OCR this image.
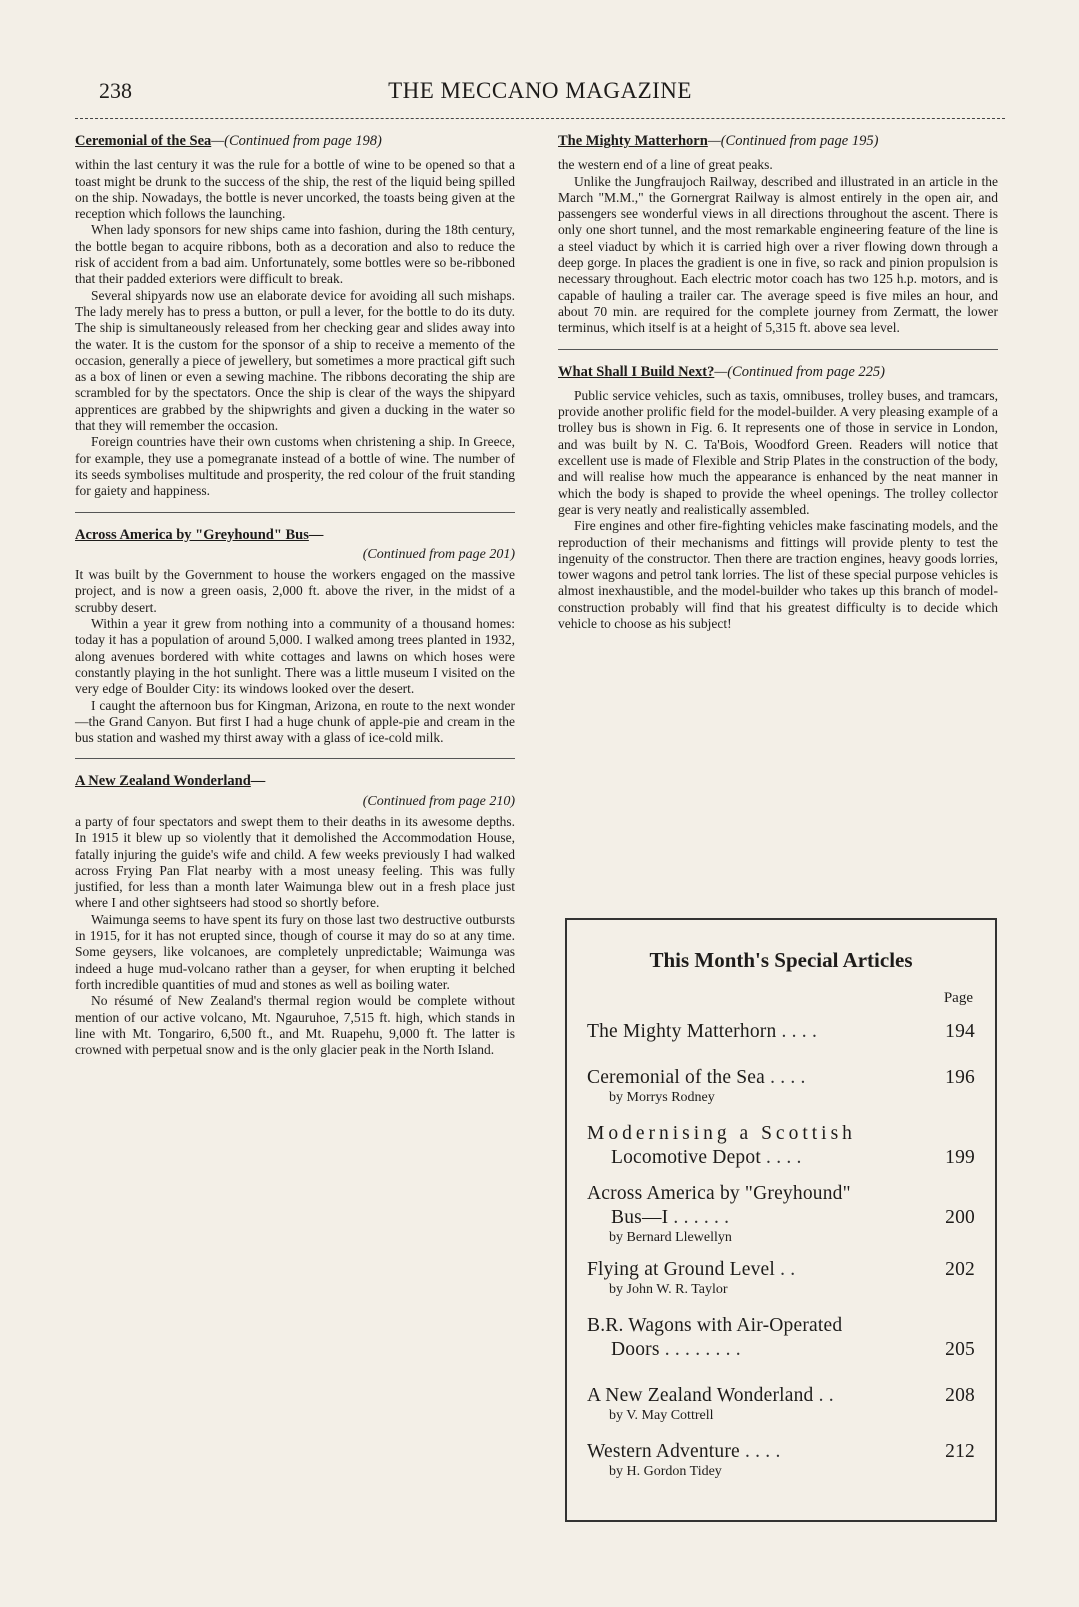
238	THE MECCANO MAGAZINE
Ceremonial of the Sea—(Continued from page 198)

within the last century it was the rule for a bottle of wine to be opened so that a toast might be drunk to the success of the ship, the rest of the liquid being spilled on the ship. Nowadays, the bottle is never uncorked, the toasts being given at the reception which follows the launching.

When lady sponsors for new ships came into fashion, during the 18th century, the bottle began to acquire ribbons, both as a decoration and also to reduce the risk of accident from a bad aim. Unfortunately, some bottles were so be-ribboned that their padded exteriors were difficult to break.

Several shipyards now use an elaborate device for avoiding all such mishaps. The lady merely has to press a button, or pull a lever, for the bottle to do its duty. The ship is simultaneously released from her checking gear and slides away into the water. It is the custom for the sponsor of a ship to receive a memento of the occasion, generally a piece of jewellery, but sometimes a more practical gift such as a box of linen or even a sewing machine. The ribbons decorating the ship are scrambled for by the spectators. Once the ship is clear of the ways the shipyard apprentices are grabbed by the shipwrights and given a ducking in the water so that they will remember the occasion.

Foreign countries have their own customs when christening a ship. In Greece, for example, they use a pomegranate instead of a bottle of wine. The number of its seeds symbolises multitude and prosperity, the red colour of the fruit standing for gaiety and happiness.

Across America by "Greyhound" Bus—
(Continued from page 201)

It was built by the Government to house the workers engaged on the massive project, and is now a green oasis, 2,000 ft. above the river, in the midst of a scrubby desert.

Within a year it grew from nothing into a community of a thousand homes: today it has a population of around 5,000. I walked among trees planted in 1932, along avenues bordered with white cottages and lawns on which hoses were constantly playing in the hot sunlight. There was a little museum I visited on the very edge of Boulder City: its windows looked over the desert.

I caught the afternoon bus for Kingman, Arizona, en route to the next wonder—the Grand Canyon. But first I had a huge chunk of apple-pie and cream in the bus station and washed my thirst away with a glass of ice-cold milk.

A New Zealand Wonderland—
(Continued from page 210)

a party of four spectators and swept them to their deaths in its awesome depths. In 1915 it blew up so violently that it demolished the Accommodation House, fatally injuring the guide's wife and child. A few weeks previously I had walked across Frying Pan Flat nearby with a most uneasy feeling. This was fully justified, for less than a month later Waimunga blew out in a fresh place just where I and other sightseers had stood so shortly before.

Waimunga seems to have spent its fury on those last two destructive outbursts in 1915, for it has not erupted since, though of course it may do so at any time. Some geysers, like volcanoes, are completely unpredictable; Waimunga was indeed a huge mud-volcano rather than a geyser, for when erupting it belched forth incredible quantities of mud and stones as well as boiling water.

No résumé of New Zealand's thermal region would be complete without mention of our active volcano, Mt. Ngauruhoe, 7,515 ft. high, which stands in line with Mt. Tongariro, 6,500 ft., and Mt. Ruapehu, 9,000 ft. The latter is crowned with perpetual snow and is the only glacier peak in the North Island.

The Mighty Matterhorn—(Continued from page 195)

the western end of a line of great peaks.

Unlike the Jungfraujoch Railway, described and illustrated in an article in the March "M.M.," the Gornergrat Railway is almost entirely in the open air, and passengers see wonderful views in all directions throughout the ascent. There is only one short tunnel, and the most remarkable engineering feature of the line is a steel viaduct by which it is carried high over a river flowing down through a deep gorge. In places the gradient is one in five, so rack and pinion propulsion is necessary throughout. Each electric motor coach has two 125 h.p. motors, and is capable of hauling a trailer car. The average speed is five miles an hour, and about 70 min. are required for the complete journey from Zermatt, the lower terminus, which itself is at a height of 5,315 ft. above sea level.

What Shall I Build Next?—(Continued from page 225)

Public service vehicles, such as taxis, omnibuses, trolley buses, and tramcars, provide another prolific field for the model-builder. A very pleasing example of a trolley bus is shown in Fig. 6. It represents one of those in service in London, and was built by N. C. Ta'Bois, Woodford Green. Readers will notice that excellent use is made of Flexible and Strip Plates in the construction of the body, and will realise how much the appearance is enhanced by the neat manner in which the body is shaped to provide the wheel openings. The trolley collector gear is very neatly and realistically assembled.

Fire engines and other fire-fighting vehicles make fascinating models, and the reproduction of their mechanisms and fittings will provide plenty to test the ingenuity of the constructor. Then there are traction engines, heavy goods lorries, tower wagons and petrol tank lorries. The list of these special purpose vehicles is almost inexhaustible, and the model-builder who takes up this branch of model-construction probably will find that his greatest difficulty is to decide which vehicle to choose as his subject!

This Month's Special Articles
Page
The Mighty Matterhorn . . . .	194
Ceremonial of the Sea . . . .	196
by Morrys Rodney
Modernising a Scottish
Locomotive Depot . . . .	199
Across America by "Greyhound"
Bus—I . . . . . .	200
by Bernard Llewellyn
Flying at Ground Level . .	202
by John W. R. Taylor
B.R. Wagons with Air-Operated
Doors . . . . . . . .	205
A New Zealand Wonderland . .	208
by V. May Cottrell
Western Adventure . . . .	212
by H. Gordon Tidey
